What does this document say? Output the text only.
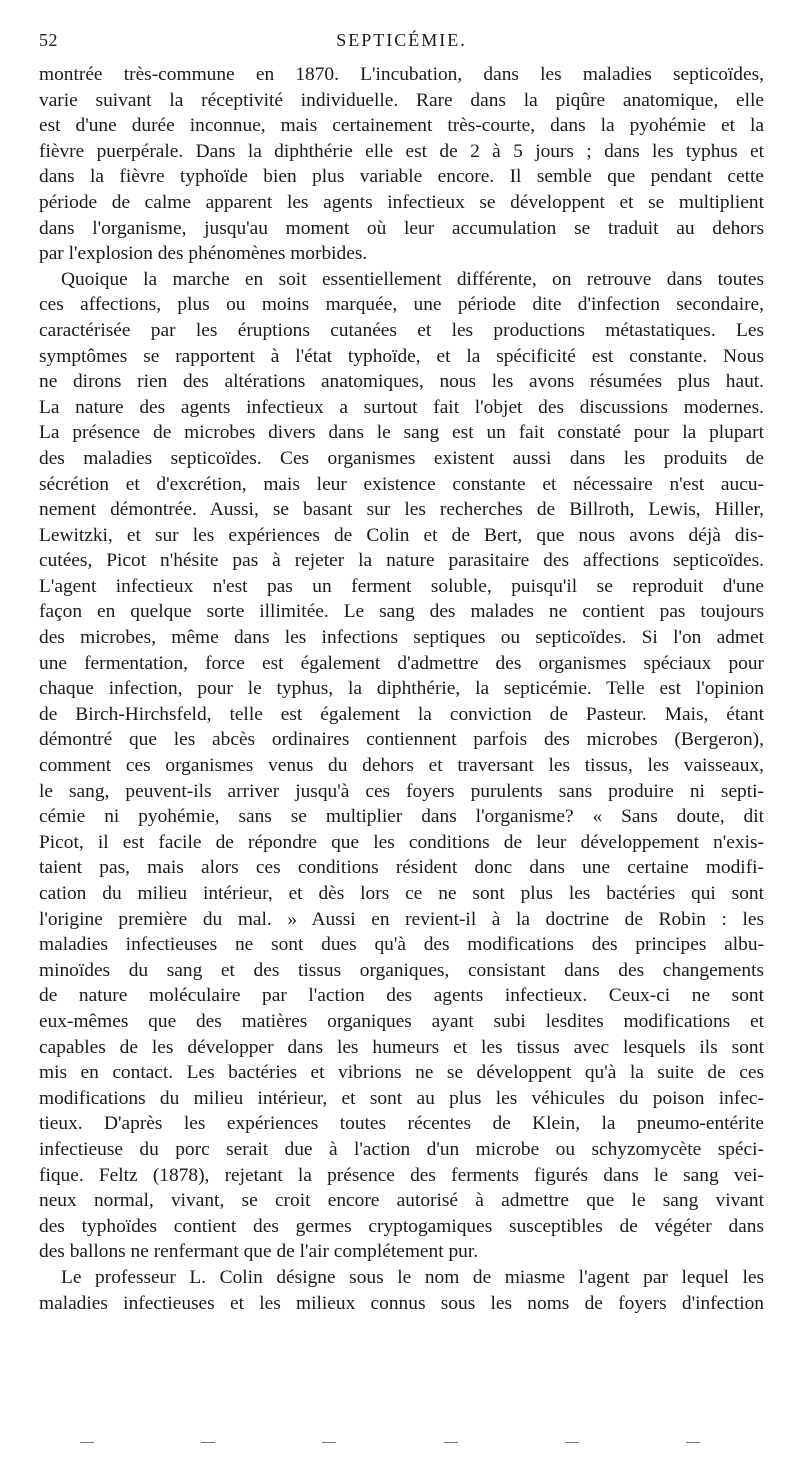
52	SEPTICÉMIE.
montrée très-commune en 1870. L'incubation, dans les maladies septicoïdes,
varie suivant la réceptivité individuelle. Rare dans la piqûre anatomique, elle
est d'une durée inconnue, mais certainement très-courte, dans la pyohémie et la
fièvre puerpérale. Dans la diphthérie elle est de 2 à 5 jours ; dans les typhus et
dans la fièvre typhoïde bien plus variable encore. Il semble que pendant cette
période de calme apparent les agents infectieux se développent et se multiplient
dans l'organisme, jusqu'au moment où leur accumulation se traduit au dehors
par l'explosion des phénomènes morbides.
Quoique la marche en soit essentiellement différente, on retrouve dans toutes
ces affections, plus ou moins marquée, une période dite d'infection secondaire,
caractérisée par les éruptions cutanées et les productions métastatiques. Les
symptômes se rapportent à l'état typhoïde, et la spécificité est constante. Nous
ne dirons rien des altérations anatomiques, nous les avons résumées plus haut.
La nature des agents infectieux a surtout fait l'objet des discussions modernes.
La présence de microbes divers dans le sang est un fait constaté pour la plupart
des maladies septicoïdes. Ces organismes existent aussi dans les produits de
sécrétion et d'excrétion, mais leur existence constante et nécessaire n'est aucu-
nement démontrée. Aussi, se basant sur les recherches de Billroth, Lewis, Hiller,
Lewitzki, et sur les expériences de Colin et de Bert, que nous avons déjà dis-
cutées, Picot n'hésite pas à rejeter la nature parasitaire des affections septicoïdes.
L'agent infectieux n'est pas un ferment soluble, puisqu'il se reproduit d'une
façon en quelque sorte illimitée. Le sang des malades ne contient pas toujours
des microbes, même dans les infections septiques ou septicoïdes. Si l'on admet
une fermentation, force est également d'admettre des organismes spéciaux pour
chaque infection, pour le typhus, la diphthérie, la septicémie. Telle est l'opinion
de Birch-Hirchsfeld, telle est également la conviction de Pasteur. Mais, étant
démontré que les abcès ordinaires contiennent parfois des microbes (Bergeron),
comment ces organismes venus du dehors et traversant les tissus, les vaisseaux,
le sang, peuvent-ils arriver jusqu'à ces foyers purulents sans produire ni septi-
cémie ni pyohémie, sans se multiplier dans l'organisme? « Sans doute, dit
Picot, il est facile de répondre que les conditions de leur développement n'exis-
taient pas, mais alors ces conditions résident donc dans une certaine modifi-
cation du milieu intérieur, et dès lors ce ne sont plus les bactéries qui sont
l'origine première du mal. » Aussi en revient-il à la doctrine de Robin : les
maladies infectieuses ne sont dues qu'à des modifications des principes albu-
minoïdes du sang et des tissus organiques, consistant dans des changements
de nature moléculaire par l'action des agents infectieux. Ceux-ci ne sont
eux-mêmes que des matières organiques ayant subi lesdites modifications et
capables de les développer dans les humeurs et les tissus avec lesquels ils sont
mis en contact. Les bactéries et vibrions ne se développent qu'à la suite de ces
modifications du milieu intérieur, et sont au plus les véhicules du poison infec-
tieux. D'après les expériences toutes récentes de Klein, la pneumo-entérite
infectieuse du porc serait due à l'action d'un microbe ou schyzomycète spéci-
fique. Feltz (1878), rejetant la présence des ferments figurés dans le sang vei-
neux normal, vivant, se croit encore autorisé à admettre que le sang vivant
des typhoïdes contient des germes cryptogamiques susceptibles de végéter dans
des ballons ne renfermant que de l'air complétement pur.
Le professeur L. Colin désigne sous le nom de miasme l'agent par lequel les
maladies infectieuses et les milieux connus sous les noms de foyers d'infection
